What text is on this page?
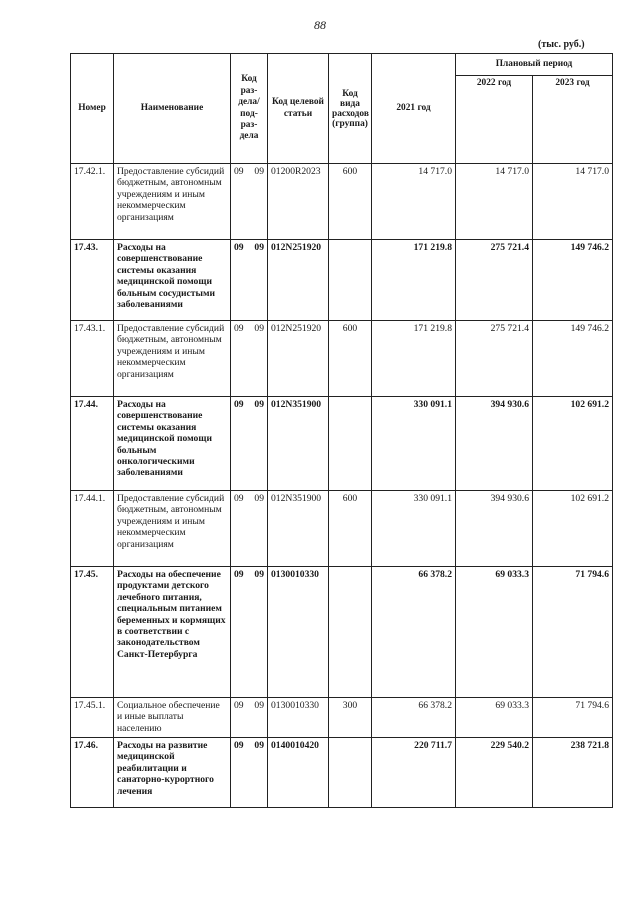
88
(тыс. руб.)
Номер	Наименование	Код раз-дела/ под-раз-дела	Код целевой статьи	Код вида расходов (группа)	2021 год	Плановый период	
						2022 год	2023 год
17.42.1.	Предоставление субсидий бюджетным, автономным учреждениям и иным некоммерческим организациям	09 09	01200R2023	600	14 717.0	14 717.0	14 717.0
17.43.	Расходы на совершенствование системы оказания медицинской помощи больным сосудистыми заболеваниями	09 09	012N251920		171 219.8	275 721.4	149 746.2
17.43.1.	Предоставление субсидий бюджетным, автономным учреждениям и иным некоммерческим организациям	09 09	012N251920	600	171 219.8	275 721.4	149 746.2
17.44.	Расходы на совершенствование системы оказания медицинской помощи больным онкологическими заболеваниями	09 09	012N351900		330 091.1	394 930.6	102 691.2
17.44.1.	Предоставление субсидий бюджетным, автономным учреждениям и иным некоммерческим организациям	09 09	012N351900	600	330 091.1	394 930.6	102 691.2
17.45.	Расходы на обеспечение продуктами детского лечебного питания, специальным питанием беременных и кормящих в соответствии с законодательством Санкт-Петербурга	09 09	0130010330		66 378.2	69 033.3	71 794.6
17.45.1.	Социальное обеспечение и иные выплаты населению	09 09	0130010330	300	66 378.2	69 033.3	71 794.6
17.46.	Расходы на развитие медицинской реабилитации и санаторно-курортного лечения	09 09	0140010420		220 711.7	229 540.2	238 721.8
